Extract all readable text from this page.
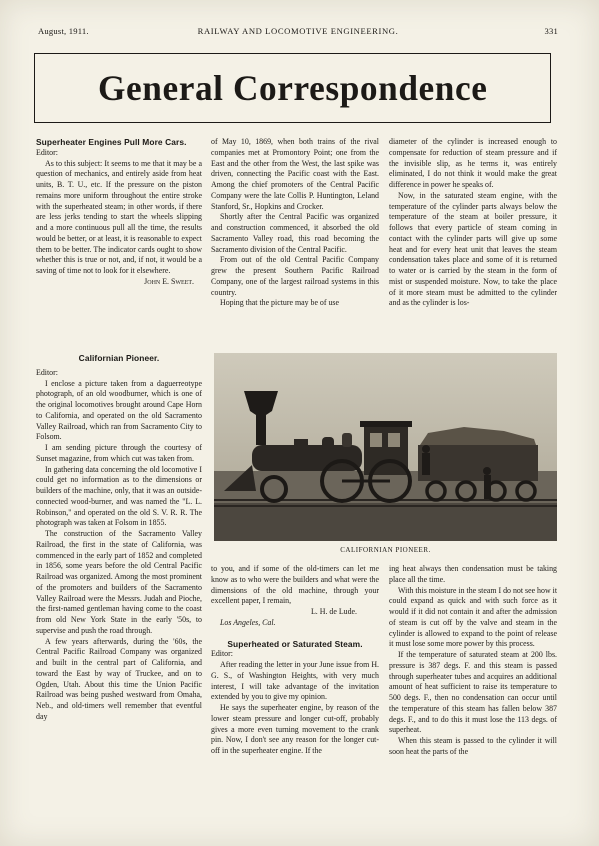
August, 1911.	RAILWAY AND LOCOMOTIVE ENGINEERING.	331
General Correspondence
Superheater Engines Pull More Cars.

Editor:

As to this subject: It seems to me that it may be a question of mechanics, and entirely aside from heat units, B. T. U., etc. If the pressure on the piston remains more uniform throughout the entire stroke with the superheated steam; in other words, if there are less jerks tending to start the wheels slipping and a more continuous pull all the time, the results would be better, or at least, it is reasonable to expect them to be better. The indicator cards ought to show whether this is true or not, and, if not, it would be a saving of time not to look for it elsewhere.

John E. Sweet.

Californian Pioneer.

Editor:

I enclose a picture taken from a daguerreotype photograph, of an old woodburner, which is one of the original locomotives brought around Cape Horn to California, and operated on the old Sacramento Valley Railroad, which ran from Sacramento City to Folsom.

I am sending picture through the courtesy of Sunset magazine, from which cut was taken from.

In gathering data concerning the old locomotive I could get no information as to the dimensions or builders of the machine, only, that it was an outside-connected wood-burner, and was named the "L. L. Robinson," and operated on the old S. V. R. R. The photograph was taken at Folsom in 1855.

The construction of the Sacramento Valley Railroad, the first in the state of California, was commenced in the early part of 1852 and completed in 1856, some years before the old Central Pacific Railroad was organized. Among the most prominent of the promoters and builders of the Sacramento Valley Railroad were the Messrs. Judah and Pioche, the first-named gentleman having come to the coast from old New York State in the early '50s, to supervise and push the road through.

A few years afterwards, during the '60s, the Central Pacific Railroad Company was organized and built in the central part of California, and toward the East by way of Truckee, and on to Ogden, Utah. About this time the Union Pacific Railroad was being pushed westward from Omaha, Neb., and old-timers well remember that eventful day

of May 10, 1869, when both trains of the rival companies met at Promontory Point; one from the East and the other from the West, the last spike was driven, connecting the Pacific coast with the East. Among the chief promoters of the Central Pacific Company were the late Collis P. Huntington, Leland Stanford, Sr., Hopkins and Crocker.

Shortly after the Central Pacific was organized and construction commenced, it absorbed the old Sacramento Valley road, this road becoming the Sacramento division of the Central Pacific.

From out of the old Central Pacific Company grew the present Southern Pacific Railroad Company, one of the largest railroad systems in this country.

Hoping that the picture may be of use

diameter of the cylinder is increased enough to compensate for reduction of steam pressure and if the invisible slip, as he terms it, was entirely eliminated, I do not think it would make the great difference in power he speaks of.

Now, in the saturated steam engine, with the temperature of the cylinder parts always below the temperature of the steam at boiler pressure, it follows that every particle of steam coming in contact with the cylinder parts will give up some heat and for every heat unit that leaves the steam condensation takes place and some of it is returned to water or is carried by the steam in the form of mist or suspended moisture. Now, to take the place of it more steam must be admitted to the cylinder and as the cylinder is los-

CALIFORNIAN PIONEER.

to you, and if some of the old-timers can let me know as to who were the builders and what were the dimensions of the old machine, through your excellent paper, I remain,

L. H. de Lude.

Los Angeles, Cal.

Superheated or Saturated Steam.

Editor:

After reading the letter in your June issue from H. G. S., of Washington Heights, with very much interest, I will take advantage of the invitation extended by you to give my opinion.

He says the superheater engine, by reason of the lower steam pressure and longer cut-off, probably gives a more even turning movement to the crank pin. Now, I don't see any reason for the longer cut-off in the superheater engine. If the

ing heat always then condensation must be taking place all the time.

With this moisture in the steam I do not see how it could expand as quick and with such force as it would if it did not contain it and after the admission of steam is cut off by the valve and steam in the cylinder is allowed to expand to the point of release it must lose some more power by this process.

If the temperature of saturated steam at 200 lbs. pressure is 387 degs. F. and this steam is passed through superheater tubes and acquires an additional amount of heat sufficient to raise its temperature to 500 degs. F., then no condensation can occur until the temperature of this steam has fallen below 387 degs. F., and to do this it must lose the 113 degs. of superheat.

When this steam is passed to the cylinder it will soon heat the parts of the
